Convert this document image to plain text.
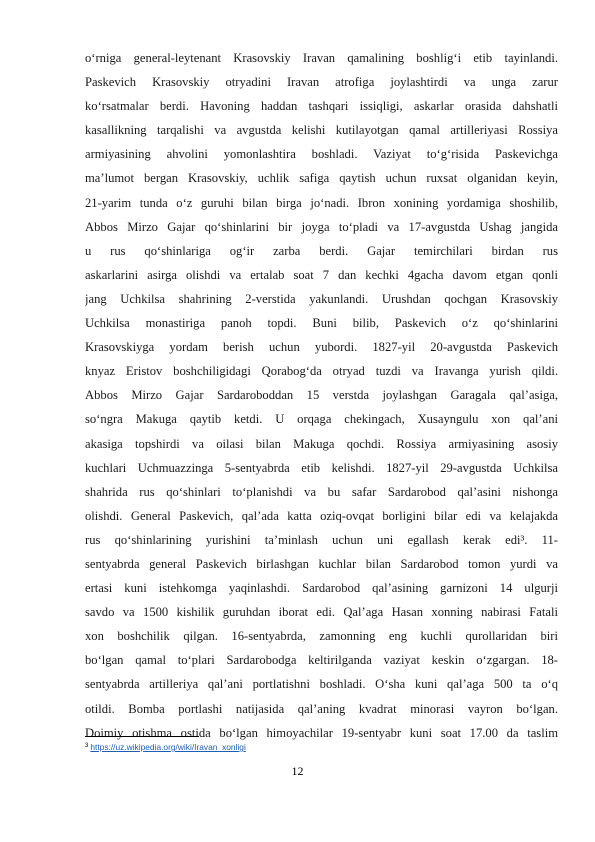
o‘rniga general-leytenant Krasovskiy Iravan qamalining boshlig‘i etib tayinlandi.
Paskevich Krasovskiy otryadini Iravan atrofiga joylashtirdi va unga zarur
ko‘rsatmalar berdi. Havoning haddan tashqari issiqligi, askarlar orasida dahshatli
kasallikning tarqalishi va avgustda kelishi kutilayotgan qamal artilleriyasi Rossiya
armiyasining ahvolini yomonlashtira boshladi. Vaziyat to‘g‘risida Paskevichga
ma’lumot bergan Krasovskiy, uchlik safiga qaytish uchun ruxsat olganidan keyin,
21-yarim tunda o‘z guruhi bilan birga jo‘nadi. Ibron xonining yordamiga shoshilib,
Abbos Mirzo Gajar qo‘shinlarini bir joyga to‘pladi va 17-avgustda Ushag jangida
u rus qo‘shinlariga og‘ir zarba berdi. Gajar temirchilari birdan rus
askarlarini asirga olishdi va ertalab soat 7 dan kechki 4gacha davom etgan qonli
jang Uchkilsa shahrining 2-verstida yakunlandi. Urushdan qochgan Krasovskiy
Uchkilsa monastiriga panoh topdi. Buni bilib, Paskevich o‘z qo‘shinlarini
Krasovskiyga yordam berish uchun yubordi. 1827-yil 20-avgustda Paskevich
knyaz Eristov boshchiligidagi Qorabog‘da otryad tuzdi va Iravanga yurish qildi.
Abbos Mirzo Gajar Sardaroboddan 15 verstda joylashgan Garagala qal’asiga,
so‘ngra Makuga qaytib ketdi. U orqaga chekingach, Xusayngulu xon qal’ani
akasiga topshirdi va oilasi bilan Makuga qochdi. Rossiya armiyasining asosiy
kuchlari Uchmuazzinga 5-sentyabrda etib kelishdi. 1827-yil 29-avgustda Uchkilsa
shahrida rus qo‘shinlari to‘planishdi va bu safar Sardarobod qal’asini nishonga
olishdi. General Paskevich, qal’ada katta oziq-ovqat borligini bilar edi va kelajakda
rus qo‘shinlarining yurishini ta’minlash uchun uni egallash kerak edi³. 11-
sentyabrda general Paskevich birlashgan kuchlar bilan Sardarobod tomon yurdi va
ertasi kuni istehkomga yaqinlashdi. Sardarobod qal’asining garnizoni 14 ulgurji
savdo va 1500 kishilik guruhdan iborat edi. Qal’aga Hasan xonning nabirasi Fatali
xon boshchilik qilgan. 16-sentyabrda, zamonning eng kuchli qurollaridan biri
bo‘lgan qamal to‘plari Sardarobodga keltirilganda vaziyat keskin o‘zgargan. 18-
sentyabrda artilleriya qal’ani portlatishni boshladi. O‘sha kuni qal’aga 500 ta o‘q
otildi. Bomba portlashi natijasida qal’aning kvadrat minorasi vayron bo‘lgan.
Doimiy otishma ostida bo‘lgan himoyachilar 19-sentyabr kuni soat 17.00 da taslim
$^3$ https://uz.wikipedia.org/wiki/Iravan_xonligi
12
